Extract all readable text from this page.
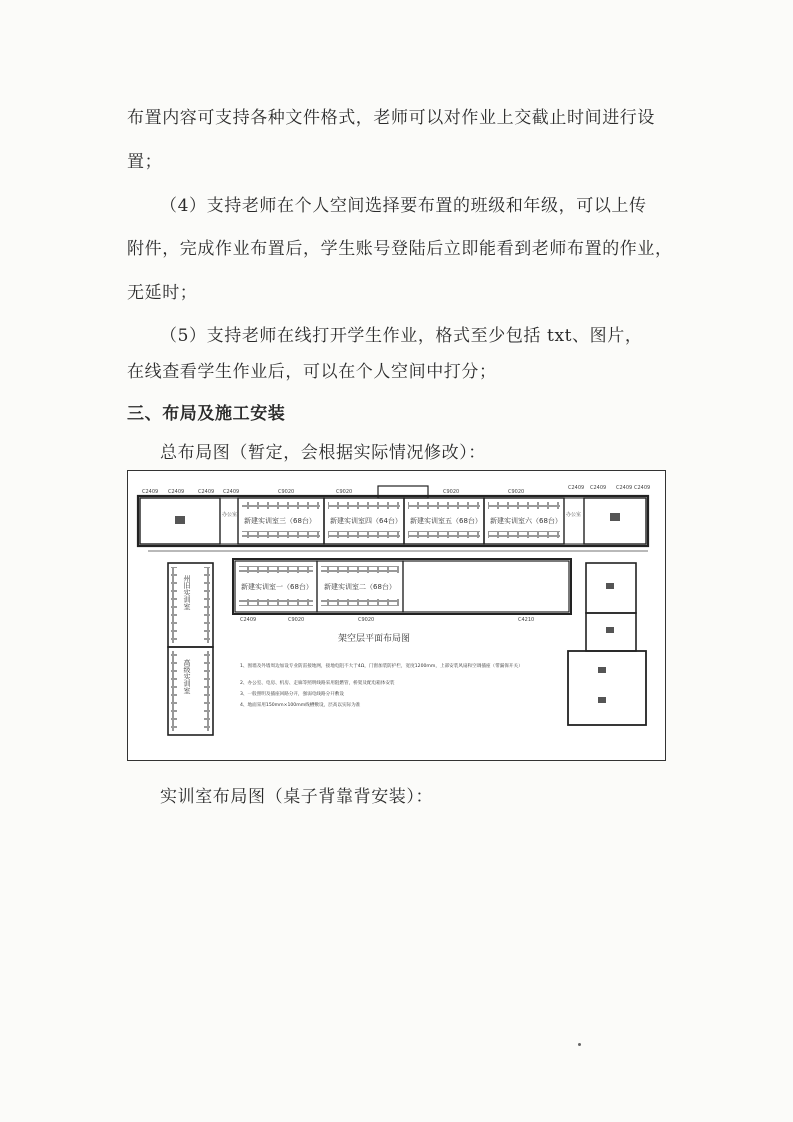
布置内容可支持各种文件格式，老师可以对作业上交截止时间进行设
置；
（4）支持老师在个人空间选择要布置的班级和年级，可以上传
附件，完成作业布置后，学生账号登陆后立即能看到老师布置的作业，
无延时；
（5）支持老师在线打开学生作业，格式至少包括 txt、图片，
在线查看学生作业后，可以在个人空间中打分；
三、布局及施工安装
总布局图（暂定，会根据实际情况修改）：
新建实训室三（68台） 新建实训室四（64台） 新建实训室五（68台） 新建实训室六（68台）
办公室
办公室
C2409 C2409	C2409 C2409	C9020	C9020	C9020	C9020
C2409 C2409 C2409 C2409
新建实训室一（68台） 新建实训室二（68台）
C2409	C9020	C9020	C4210
州旧实训室
高级实训室
架空层平面布局图
1、围墙及外墙周边加设专业防雷接地网，接地电阻不大于4Ω，门窗加装防护栏，宽度1200mm，上部安装风扇和空调插座（带漏保开关）
2、办公室、电房、机房、走廊等照明线路采用阻燃管，桥架及配电箱体安装
3、一般照明及插座回路分开，强弱电线路分开敷设
4、地面采用150mm×100mm线槽敷设，层高以实际为准
实训室布局图（桌子背靠背安装）：
